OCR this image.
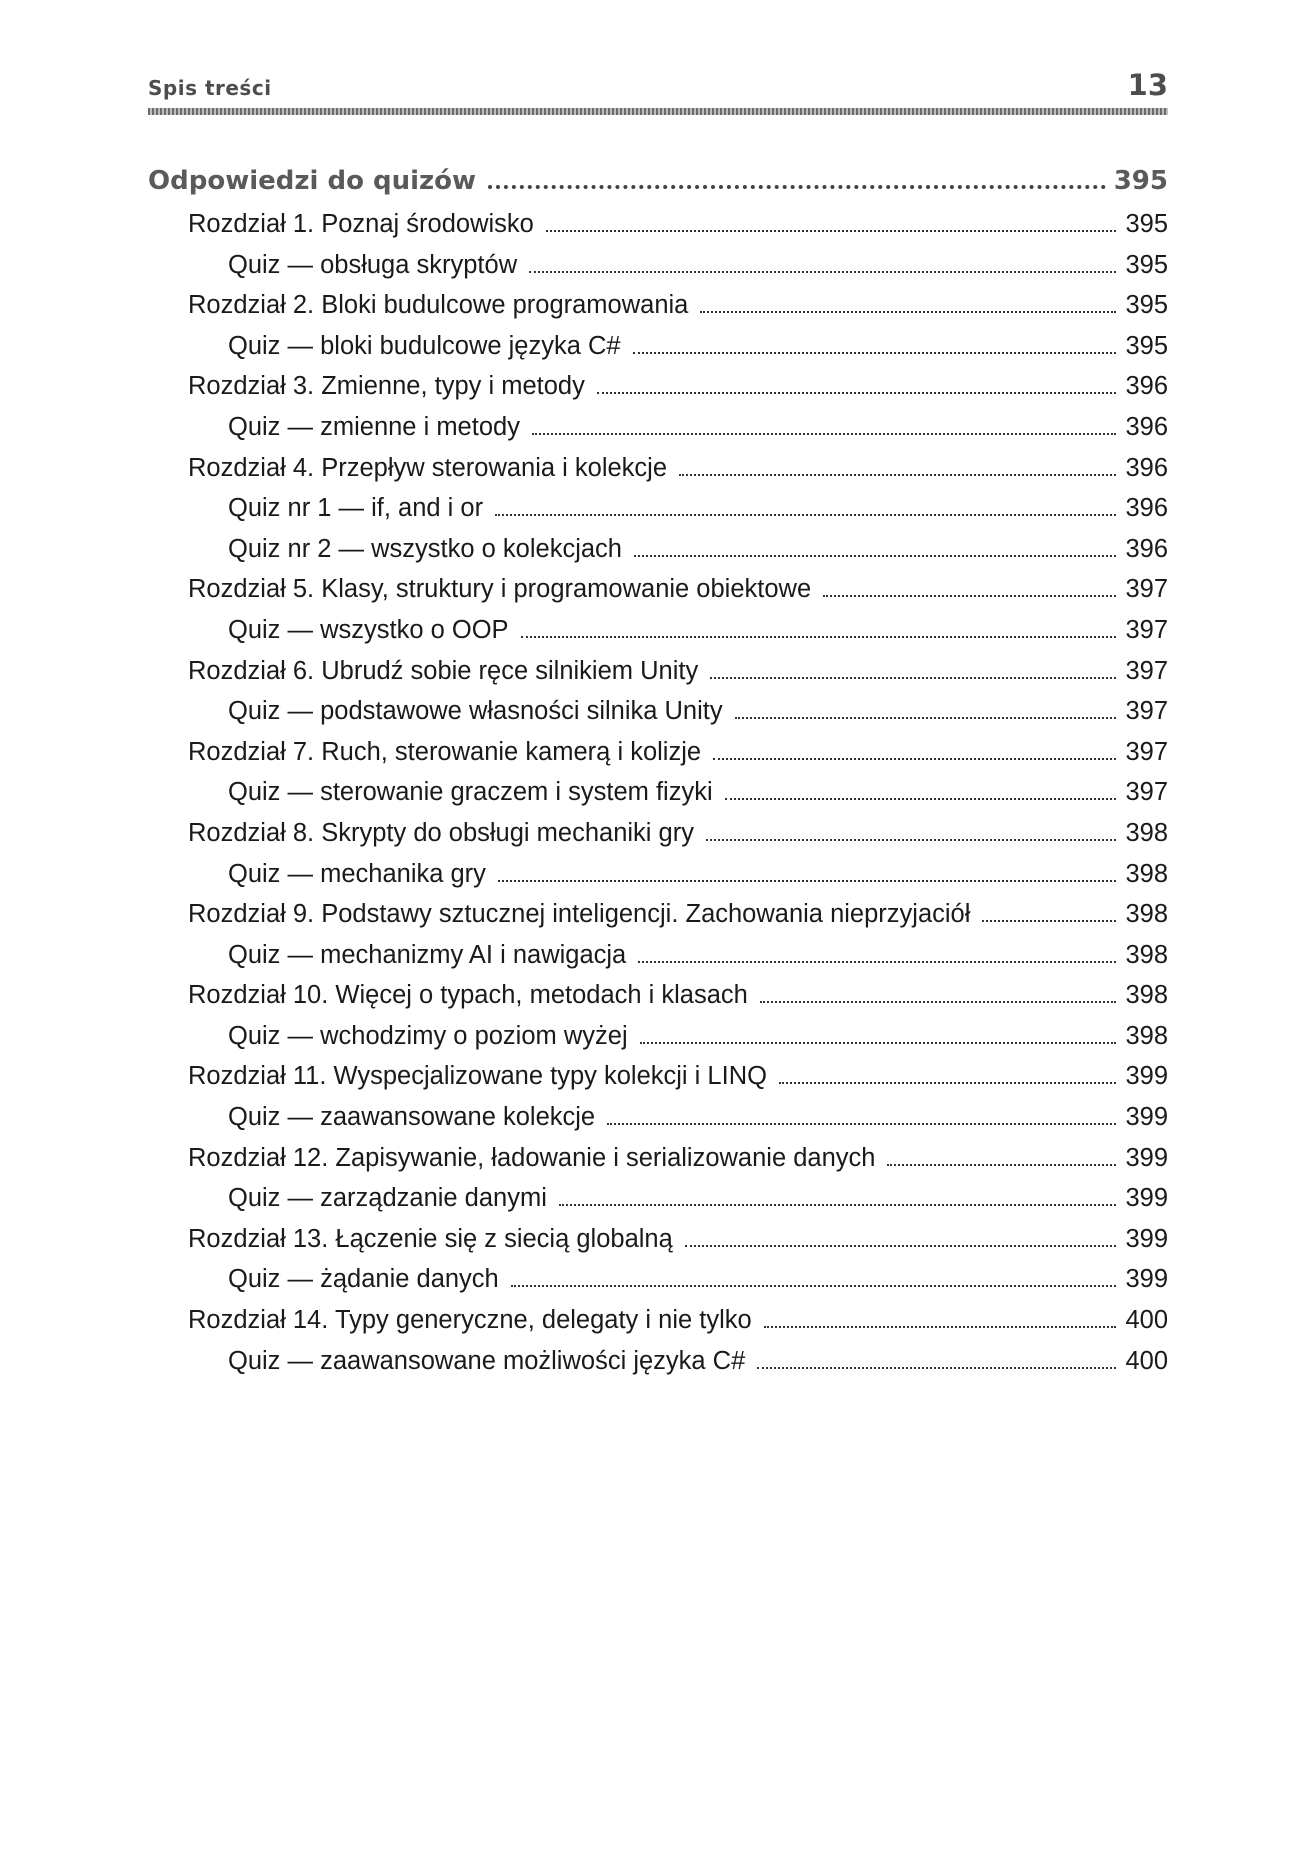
Spis treści	13
Odpowiedzi do quizów	395
Rozdział 1. Poznaj środowisko	395
Quiz — obsługa skryptów	395
Rozdział 2. Bloki budulcowe programowania	395
Quiz — bloki budulcowe języka C#	395
Rozdział 3. Zmienne, typy i metody	396
Quiz — zmienne i metody	396
Rozdział 4. Przepływ sterowania i kolekcje	396
Quiz nr 1 — if, and i or	396
Quiz nr 2 — wszystko o kolekcjach	396
Rozdział 5. Klasy, struktury i programowanie obiektowe	397
Quiz — wszystko o OOP	397
Rozdział 6. Ubrudź sobie ręce silnikiem Unity	397
Quiz — podstawowe własności silnika Unity	397
Rozdział 7. Ruch, sterowanie kamerą i kolizje	397
Quiz — sterowanie graczem i system fizyki	397
Rozdział 8. Skrypty do obsługi mechaniki gry	398
Quiz — mechanika gry	398
Rozdział 9. Podstawy sztucznej inteligencji. Zachowania nieprzyjaciół	398
Quiz — mechanizmy AI i nawigacja	398
Rozdział 10. Więcej o typach, metodach i klasach	398
Quiz — wchodzimy o poziom wyżej	398
Rozdział 11. Wyspecjalizowane typy kolekcji i LINQ	399
Quiz — zaawansowane kolekcje	399
Rozdział 12. Zapisywanie, ładowanie i serializowanie danych	399
Quiz — zarządzanie danymi	399
Rozdział 13. Łączenie się z siecią globalną	399
Quiz — żądanie danych	399
Rozdział 14. Typy generyczne, delegaty i nie tylko	400
Quiz — zaawansowane możliwości języka C#	400
